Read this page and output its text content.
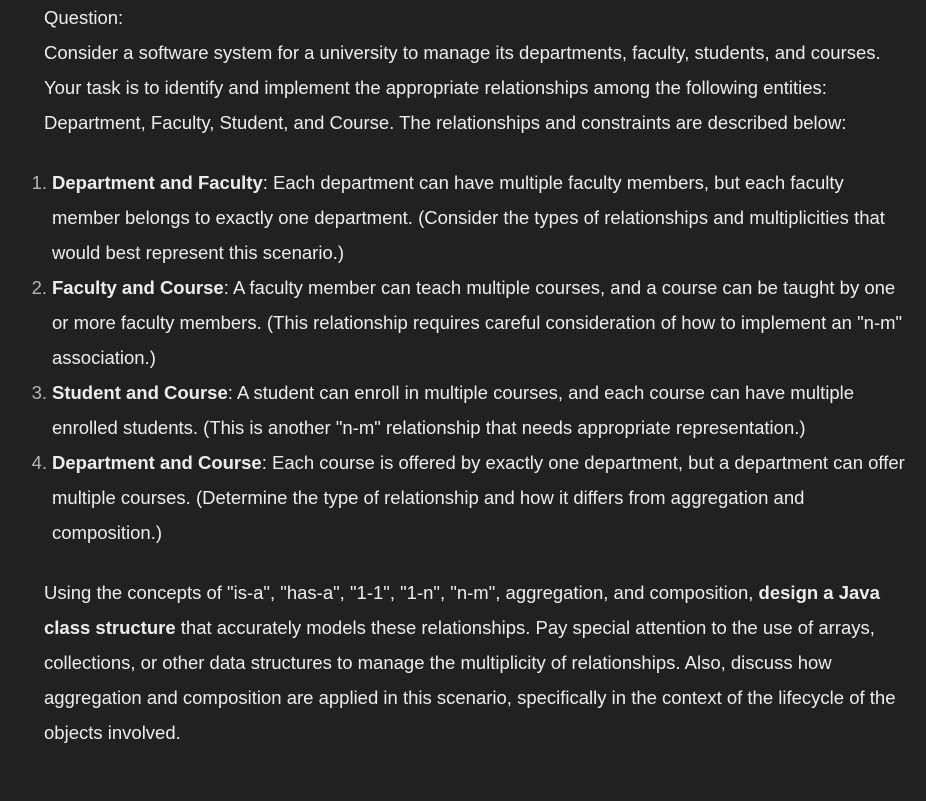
Question:

Consider a software system for a university to manage its departments, faculty, students, and courses. Your task is to identify and implement the appropriate relationships among the following entities: Department, Faculty, Student, and Course. The relationships and constraints are described below:

1. Department and Faculty: Each department can have multiple faculty members, but each faculty member belongs to exactly one department. (Consider the types of relationships and multiplicities that would best represent this scenario.)
2. Faculty and Course: A faculty member can teach multiple courses, and a course can be taught by one or more faculty members. (This relationship requires careful consideration of how to implement an "n-m" association.)
3. Student and Course: A student can enroll in multiple courses, and each course can have multiple enrolled students. (This is another "n-m" relationship that needs appropriate representation.)
4. Department and Course: Each course is offered by exactly one department, but a department can offer multiple courses. (Determine the type of relationship and how it differs from aggregation and composition.)

Using the concepts of "is-a", "has-a", "1-1", "1-n", "n-m", aggregation, and composition, design a Java class structure that accurately models these relationships. Pay special attention to the use of arrays, collections, or other data structures to manage the multiplicity of relationships. Also, discuss how aggregation and composition are applied in this scenario, specifically in the context of the lifecycle of the objects involved.
